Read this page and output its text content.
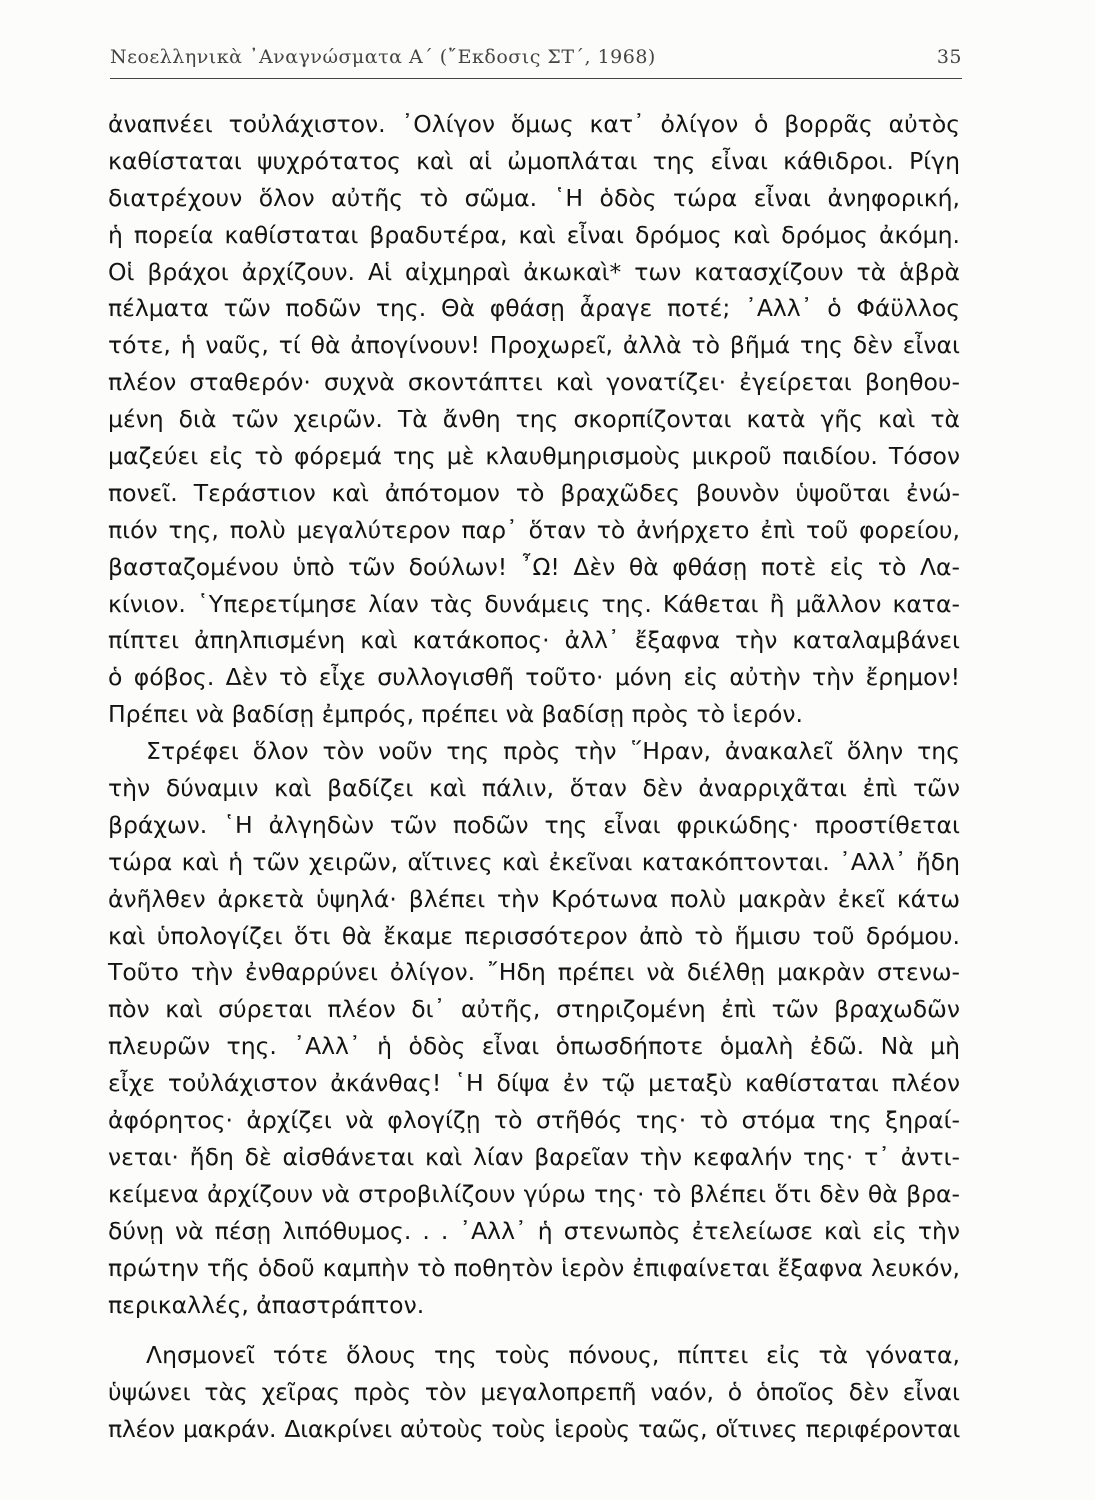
Νεοελληνικὰ ᾿Αναγνώσματα Α΄ (῎Εκδοσις ΣΤ΄, 1968)	35
ἀναπνέει τοὐλάχιστον. ᾿Ολίγον ὅμως κατ᾿ ὀλίγον ὁ βορρᾶς αὐτὸς
καθίσταται ψυχρότατος καὶ αἱ ὠμοπλάται της εἶναι κάθιδροι. Ρίγη
διατρέχουν ὅλον αὐτῆς τὸ σῶμα. ῾Η ὁδὸς τώρα εἶναι ἀνηφορική,
ἡ πορεία καθίσταται βραδυτέρα, καὶ εἶναι δρόμος καὶ δρόμος ἀκόμη.
Οἱ βράχοι ἀρχίζουν. Αἱ αἰχμηραὶ ἀκωκαὶ* των κατασχίζουν τὰ ἁβρὰ
πέλματα τῶν ποδῶν της. Θὰ φθάσῃ ἆραγε ποτέ; ᾿Αλλ᾿ ὁ Φάϋλλος
τότε, ἡ ναῦς, τί θὰ ἀπογίνουν! Προχωρεῖ, ἀλλὰ τὸ βῆμά της δὲν εἶναι
πλέον σταθερόν· συχνὰ σκοντάπτει καὶ γονατίζει· ἐγείρεται βοηθου-
μένη διὰ τῶν χειρῶν. Τὰ ἄνθη της σκορπίζονται κατὰ γῆς καὶ τὰ
μαζεύει εἰς τὸ φόρεμά της μὲ κλαυθμηρισμοὺς μικροῦ παιδίου. Τόσον
πονεῖ. Τεράστιον καὶ ἀπότομον τὸ βραχῶδες βουνὸν ὑψοῦται ἐνώ-
πιόν της, πολὺ μεγαλύτερον παρ᾿ ὅταν τὸ ἀνήρχετο ἐπὶ τοῦ φορείου,
βασταζομένου ὑπὸ τῶν δούλων! ῏Ω! Δὲν θὰ φθάσῃ ποτὲ εἰς τὸ Λα-
κίνιον. ῾Υπερετίμησε λίαν τὰς δυνάμεις της. Κάθεται ἢ μᾶλλον κατα-
πίπτει ἀπηλπισμένη καὶ κατάκοπος· ἀλλ᾿ ἔξαφνα τὴν καταλαμβάνει
ὁ φόβος. Δὲν τὸ εἶχε συλλογισθῆ τοῦτο· μόνη εἰς αὐτὴν τὴν ἔρημον!
Πρέπει νὰ βαδίσῃ ἐμπρός, πρέπει νὰ βαδίσῃ πρὸς τὸ ἱερόν.
Στρέφει ὅλον τὸν νοῦν της πρὸς τὴν ῞Ηραν, ἀνακαλεῖ ὅλην της
τὴν δύναμιν καὶ βαδίζει καὶ πάλιν, ὅταν δὲν ἀναρριχᾶται ἐπὶ τῶν
βράχων. ῾Η ἀλγηδὼν τῶν ποδῶν της εἶναι φρικώδης· προστίθεται
τώρα καὶ ἡ τῶν χειρῶν, αἵτινες καὶ ἐκεῖναι κατακόπτονται. ᾿Αλλ᾿ ἤδη
ἀνῆλθεν ἀρκετὰ ὑψηλά· βλέπει τὴν Κρότωνα πολὺ μακρὰν ἐκεῖ κάτω
καὶ ὑπολογίζει ὅτι θὰ ἔκαμε περισσότερον ἀπὸ τὸ ἥμισυ τοῦ δρόμου.
Τοῦτο τὴν ἐνθαρρύνει ὀλίγον. ῎Ηδη πρέπει νὰ διέλθῃ μακρὰν στενω-
πὸν καὶ σύρεται πλέον δι᾿ αὐτῆς, στηριζομένη ἐπὶ τῶν βραχωδῶν
πλευρῶν της. ᾿Αλλ᾿ ἡ ὁδὸς εἶναι ὁπωσδήποτε ὁμαλὴ ἐδῶ. Νὰ μὴ
εἶχε τοὐλάχιστον ἀκάνθας! ῾Η δίψα ἐν τῷ μεταξὺ καθίσταται πλέον
ἀφόρητος· ἀρχίζει νὰ φλογίζῃ τὸ στῆθός της· τὸ στόμα της ξηραί-
νεται· ἤδη δὲ αἰσθάνεται καὶ λίαν βαρεῖαν τὴν κεφαλήν της· τ᾿ ἀντι-
κείμενα ἀρχίζουν νὰ στροβιλίζουν γύρω της· τὸ βλέπει ὅτι δὲν θὰ βρα-
δύνῃ νὰ πέσῃ λιπόθυμος. . . ᾿Αλλ᾿ ἡ στενωπὸς ἐτελείωσε καὶ εἰς τὴν
πρώτην τῆς ὁδοῦ καμπὴν τὸ ποθητὸν ἱερὸν ἐπιφαίνεται ἔξαφνα λευκόν,
περικαλλές, ἀπαστράπτον.
Λησμονεῖ τότε ὅλους της τοὺς πόνους, πίπτει εἰς τὰ γόνατα,
ὑψώνει τὰς χεῖρας πρὸς τὸν μεγαλοπρεπῆ ναόν, ὁ ὁποῖος δὲν εἶναι
πλέον μακράν. Διακρίνει αὐτοὺς τοὺς ἱεροὺς ταῶς, οἵτινες περιφέρονται
